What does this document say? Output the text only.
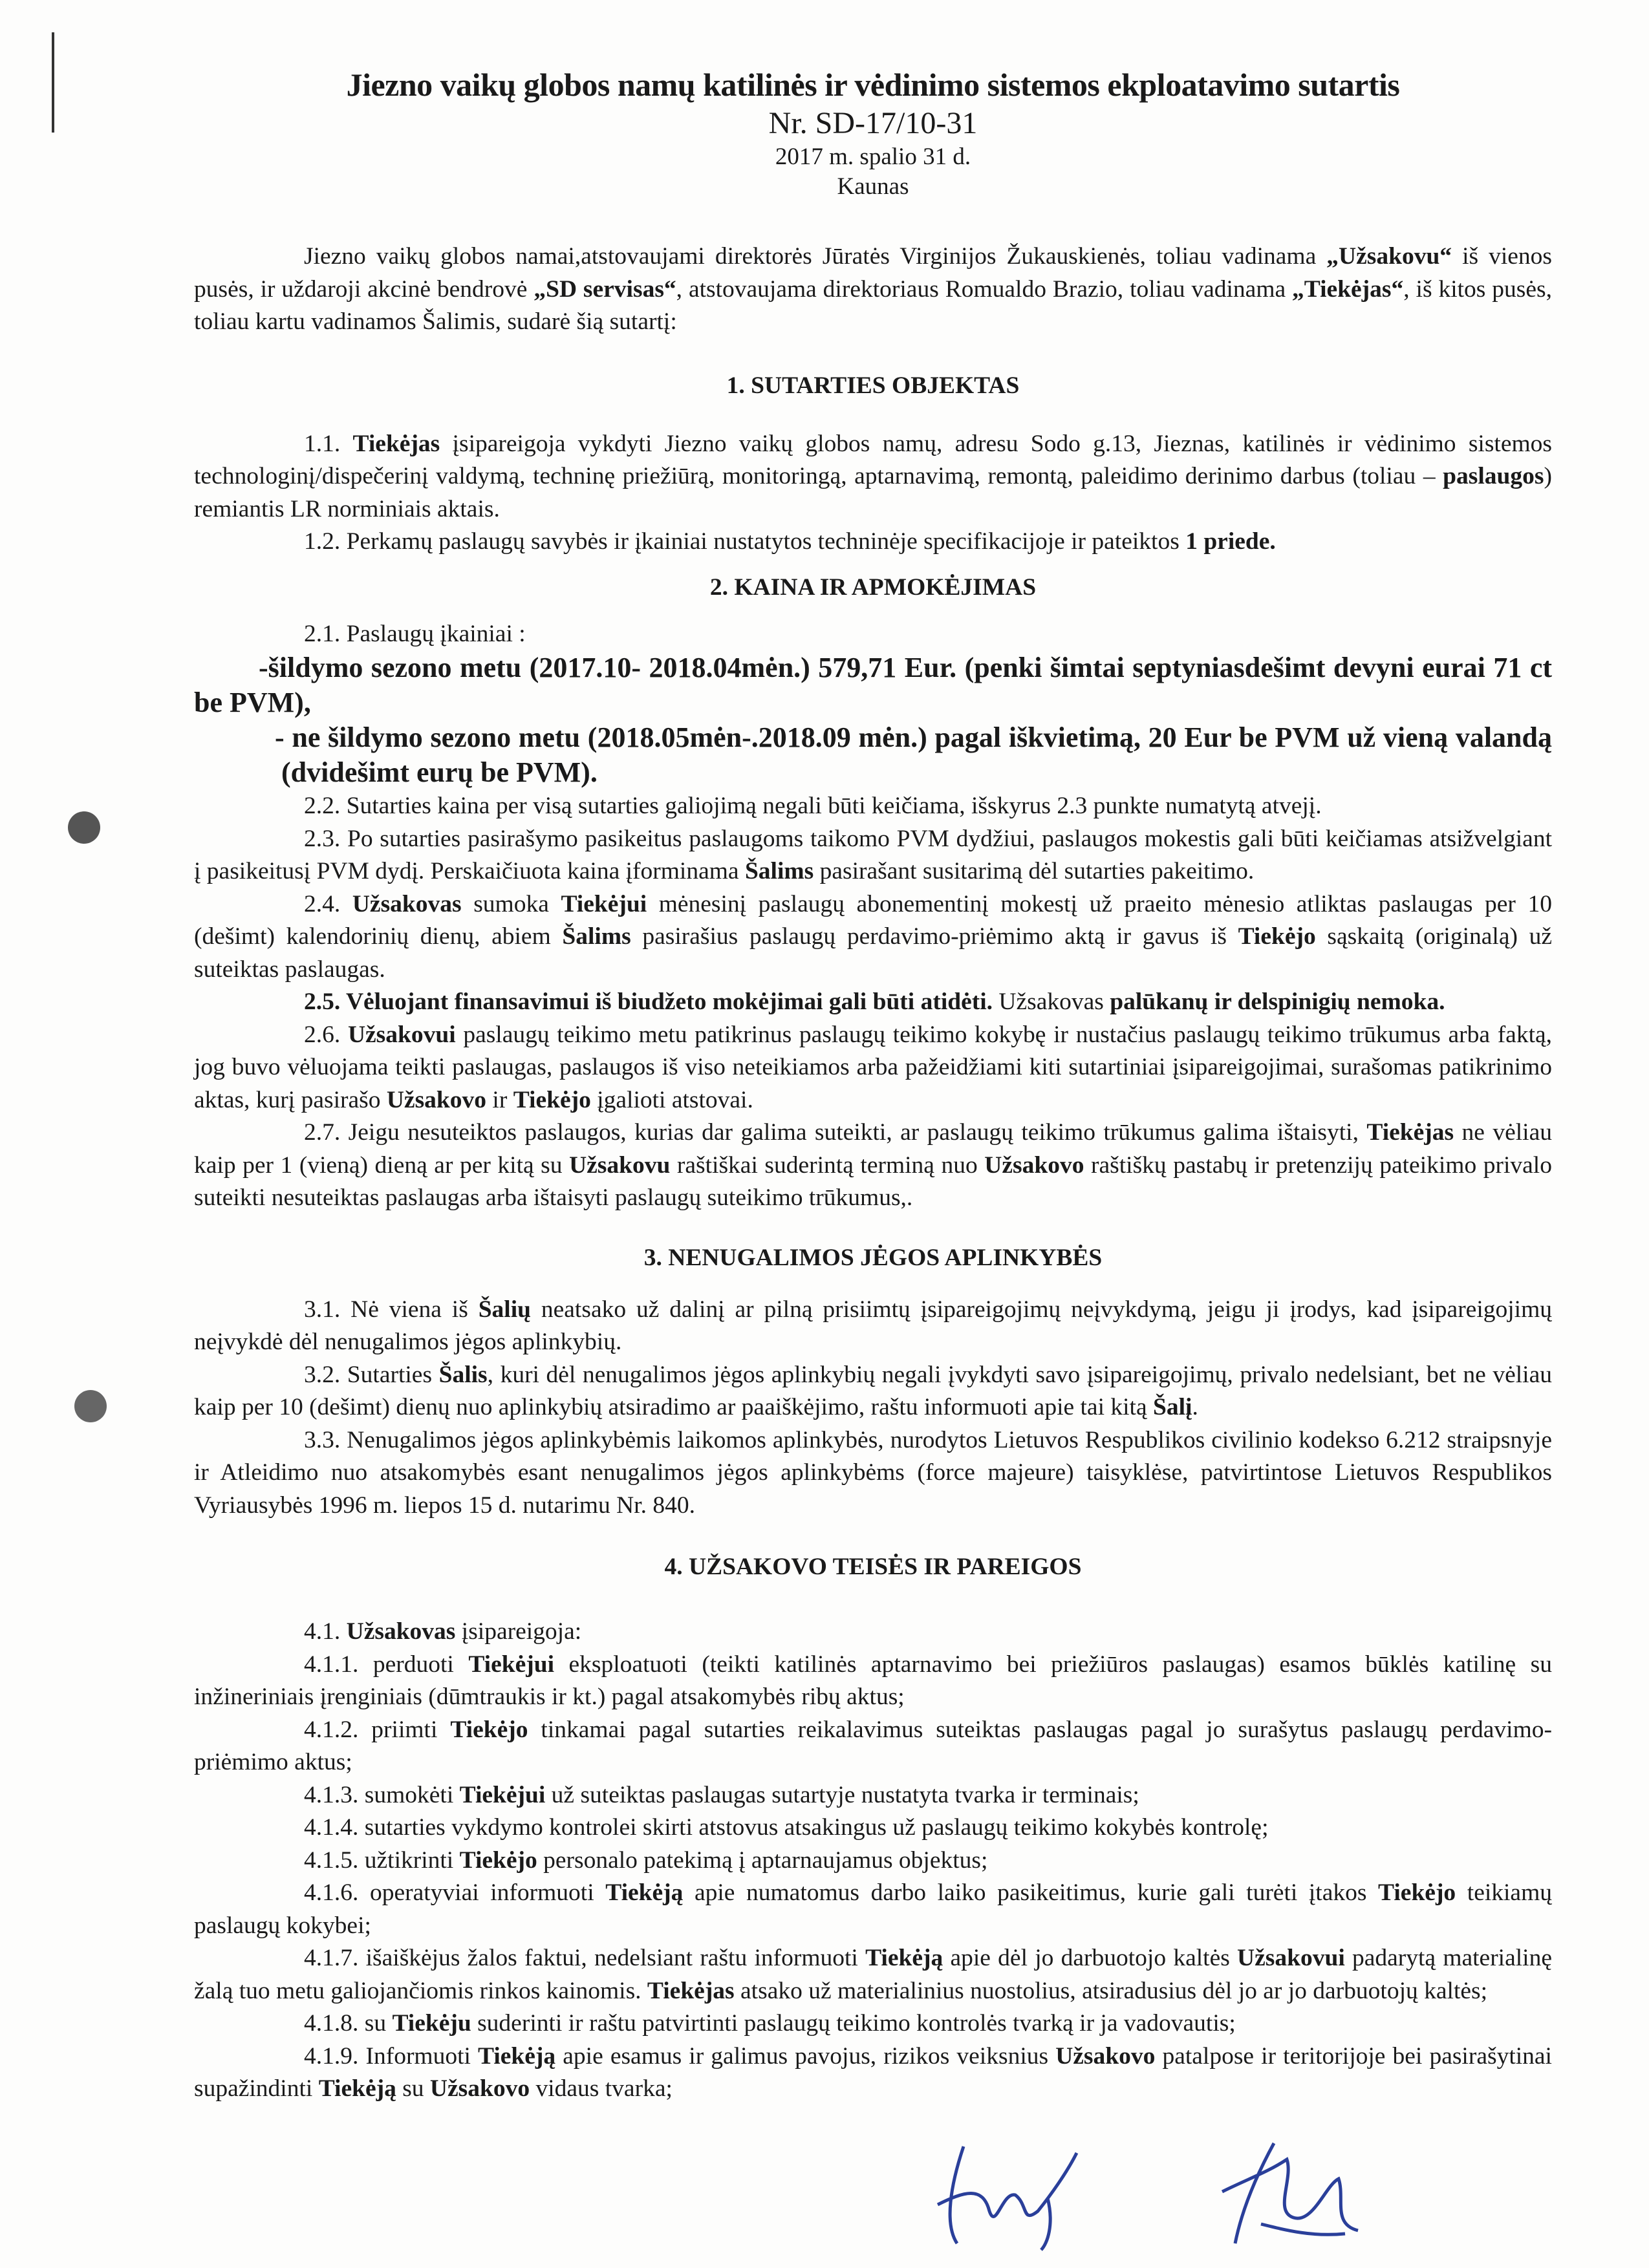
Jiezno vaikų globos namų katilinės ir vėdinimo sistemos ekploatavimo sutartis
Nr. SD-17/10-31
2017 m. spalio 31 d.
Kaunas

Jiezno vaikų globos namai,atstovaujami direktorės Jūratės Virginijos Žukauskienės, toliau vadinama „Užsakovu“ iš vienos pusės, ir uždaroji akcinė bendrovė „SD servisas“, atstovaujama direktoriaus Romualdo Brazio, toliau vadinama „Tiekėjas“, iš kitos pusės, toliau kartu vadinamos Šalimis, sudarė šią sutartį:

1. SUTARTIES OBJEKTAS

1.1. Tiekėjas įsipareigoja vykdyti Jiezno vaikų globos namų, adresu Sodo g.13, Jieznas, katilinės ir vėdinimo sistemos technologinį/dispečerinį valdymą, techninę priežiūrą, monitoringą, aptarnavimą, remontą, paleidimo derinimo darbus (toliau – paslaugos) remiantis LR norminiais aktais.

1.2. Perkamų paslaugų savybės ir įkainiai nustatytos techninėje specifikacijoje ir pateiktos 1 priede.

2. KAINA IR APMOKĖJIMAS

2.1. Paslaugų įkainiai :

-šildymo sezono metu (2017.10- 2018.04mėn.) 579,71 Eur. (penki šimtai septyniasdešimt devyni eurai 71 ct be PVM),

- ne šildymo sezono metu (2018.05mėn-.2018.09 mėn.) pagal iškvietimą, 20 Eur be PVM už vieną valandą (dvidešimt eurų be PVM).

2.2. Sutarties kaina per visą sutarties galiojimą negali būti keičiama, išskyrus 2.3 punkte numatytą atvejį.

2.3. Po sutarties pasirašymo pasikeitus paslaugoms taikomo PVM dydžiui, paslaugos mokestis gali būti keičiamas atsižvelgiant į pasikeitusį PVM dydį. Perskaičiuota kaina įforminama Šalims pasirašant susitarimą dėl sutarties pakeitimo.

2.4. Užsakovas sumoka Tiekėjui mėnesinį paslaugų abonementinį mokestį už praeito mėnesio atliktas paslaugas per 10 (dešimt) kalendorinių dienų, abiem Šalims pasirašius paslaugų perdavimo-priėmimo aktą ir gavus iš Tiekėjo sąskaitą (originalą) už suteiktas paslaugas.

2.5. Vėluojant finansavimui iš biudžeto mokėjimai gali būti atidėti. Užsakovas palūkanų ir delspinigių nemoka.

2.6. Užsakovui paslaugų teikimo metu patikrinus paslaugų teikimo kokybę ir nustačius paslaugų teikimo trūkumus arba faktą, jog buvo vėluojama teikti paslaugas, paslaugos iš viso neteikiamos arba pažeidžiami kiti sutartiniai įsipareigojimai, surašomas patikrinimo aktas, kurį pasirašo Užsakovo ir Tiekėjo įgalioti atstovai.

2.7. Jeigu nesuteiktos paslaugos, kurias dar galima suteikti, ar paslaugų teikimo trūkumus galima ištaisyti, Tiekėjas ne vėliau kaip per 1 (vieną) dieną ar per kitą su Užsakovu raštiškai suderintą terminą nuo Užsakovo raštiškų pastabų ir pretenzijų pateikimo privalo suteikti nesuteiktas paslaugas arba ištaisyti paslaugų suteikimo trūkumus,.

3. NENUGALIMOS JĖGOS APLINKYBĖS

3.1. Nė viena iš Šalių neatsako už dalinį ar pilną prisiimtų įsipareigojimų neįvykdymą, jeigu ji įrodys, kad įsipareigojimų neįvykdė dėl nenugalimos jėgos aplinkybių.

3.2. Sutarties Šalis, kuri dėl nenugalimos jėgos aplinkybių negali įvykdyti savo įsipareigojimų, privalo nedelsiant, bet ne vėliau kaip per 10 (dešimt) dienų nuo aplinkybių atsiradimo ar paaiškėjimo, raštu informuoti apie tai kitą Šalį.

3.3. Nenugalimos jėgos aplinkybėmis laikomos aplinkybės, nurodytos Lietuvos Respublikos civilinio kodekso 6.212 straipsnyje ir Atleidimo nuo atsakomybės esant nenugalimos jėgos aplinkybėms (force majeure) taisyklėse, patvirtintose Lietuvos Respublikos Vyriausybės 1996 m. liepos 15 d. nutarimu Nr. 840.

4. UŽSAKOVO TEISĖS IR PAREIGOS

4.1. Užsakovas įsipareigoja:

4.1.1. perduoti Tiekėjui eksploatuoti (teikti katilinės aptarnavimo bei priežiūros paslaugas) esamos būklės katilinę su inžineriniais įrenginiais (dūmtraukis ir kt.) pagal atsakomybės ribų aktus;

4.1.2. priimti Tiekėjo tinkamai pagal sutarties reikalavimus suteiktas paslaugas pagal jo surašytus paslaugų perdavimo-priėmimo aktus;

4.1.3. sumokėti Tiekėjui už suteiktas paslaugas sutartyje nustatyta tvarka ir terminais;

4.1.4. sutarties vykdymo kontrolei skirti atstovus atsakingus už paslaugų teikimo kokybės kontrolę;

4.1.5. užtikrinti Tiekėjo personalo patekimą į aptarnaujamus objektus;

4.1.6. operatyviai informuoti Tiekėją apie numatomus darbo laiko pasikeitimus, kurie gali turėti įtakos Tiekėjo teikiamų paslaugų kokybei;

4.1.7. išaiškėjus žalos faktui, nedelsiant raštu informuoti Tiekėją apie dėl jo darbuotojo kaltės Užsakovui padarytą materialinę žalą tuo metu galiojančiomis rinkos kainomis. Tiekėjas atsako už materialinius nuostolius, atsiradusius dėl jo ar jo darbuotojų kaltės;

4.1.8. su Tiekėju suderinti ir raštu patvirtinti paslaugų teikimo kontrolės tvarką ir ja vadovautis;

4.1.9. Informuoti Tiekėją apie esamus ir galimus pavojus, rizikos veiksnius Užsakovo patalpose ir teritorijoje bei pasirašytinai supažindinti Tiekėją su Užsakovo vidaus tvarka;
